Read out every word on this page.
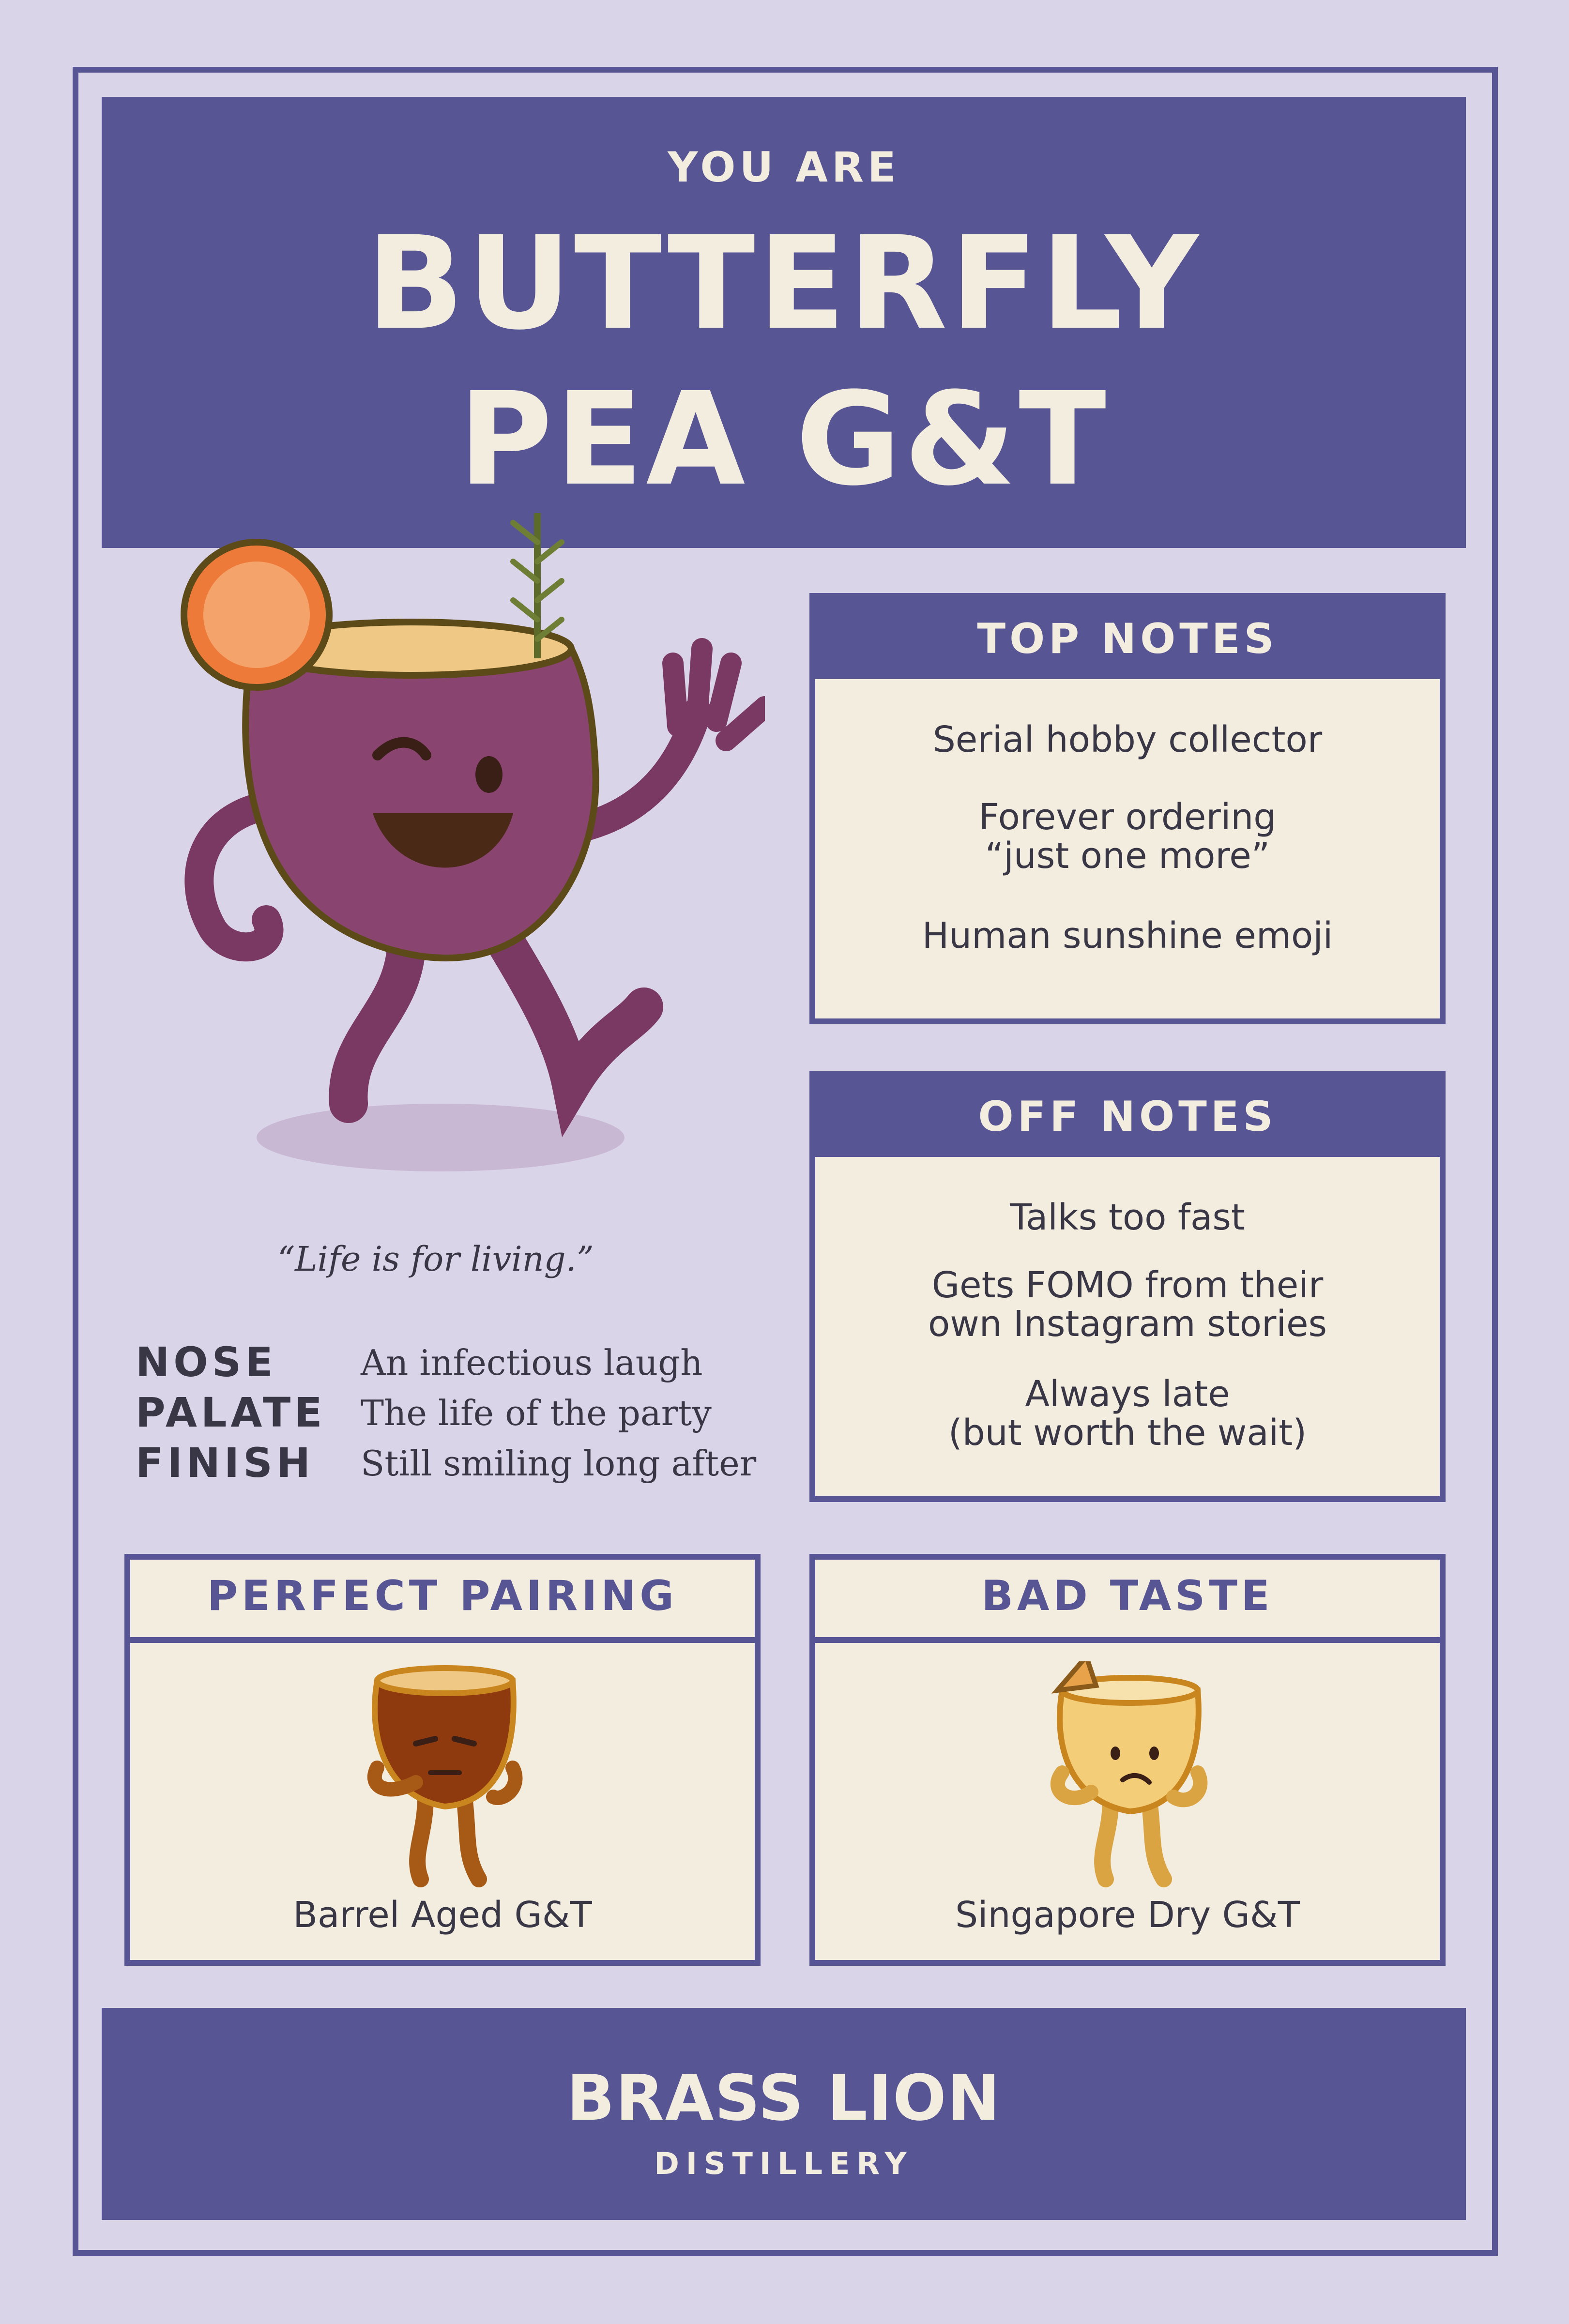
YOU ARE
BUTTERFLY
PEA G&T
TOP NOTES
Serial hobby collector
Forever ordering
“just one more”
Human sunshine emoji
OFF NOTES
Talks too fast
Gets FOMO from their
own Instagram stories
Always late
(but worth the wait)
“Life is for living.”
NOSE An infectious laugh
PALATE The life of the party
FINISH Still smiling long after
PERFECT PAIRING
Barrel Aged G&T
BAD TASTE
Singapore Dry G&T
BRASS LION
DISTILLERY
